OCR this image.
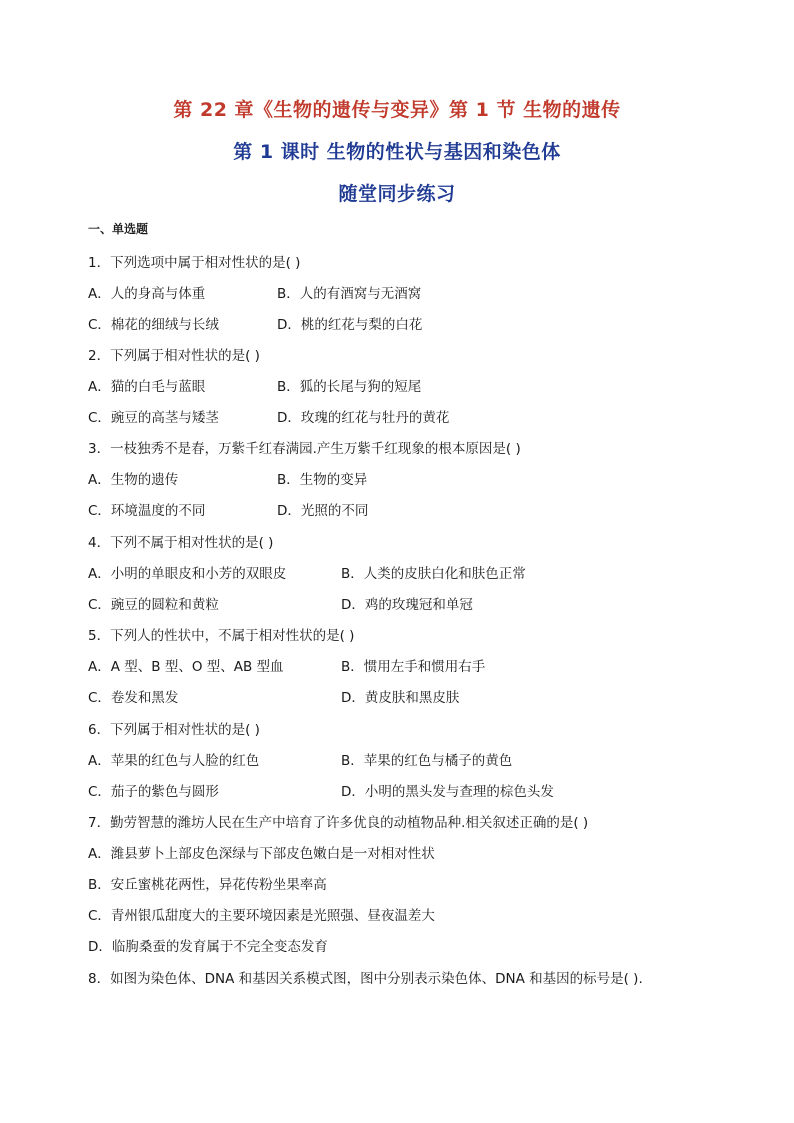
第 22 章《生物的遗传与变异》第 1 节 生物的遗传
第 1 课时 生物的性状与基因和染色体
随堂同步练习
一、单选题
1．下列选项中属于相对性状的是( )
A．人的身高与体重	B．人的有酒窝与无酒窝
C．棉花的细绒与长绒	D．桃的红花与梨的白花
2．下列属于相对性状的是( )
A．猫的白毛与蓝眼	B．狐的长尾与狗的短尾
C．豌豆的高茎与矮茎	D．玫瑰的红花与牡丹的黄花
3．一枝独秀不是春，万紫千红春满园.产生万紫千红现象的根本原因是( )
A．生物的遗传	B．生物的变异
C．环境温度的不同	D．光照的不同
4．下列不属于相对性状的是( )
A．小明的单眼皮和小芳的双眼皮	B．人类的皮肤白化和肤色正常
C．豌豆的圆粒和黄粒	D．鸡的玫瑰冠和单冠
5．下列人的性状中，不属于相对性状的是( )
A．A 型、B 型、O 型、AB 型血	B．惯用左手和惯用右手
C．卷发和黑发	D．黄皮肤和黑皮肤
6．下列属于相对性状的是( )
A．苹果的红色与人脸的红色	B．苹果的红色与橘子的黄色
C．茄子的紫色与圆形	D．小明的黑头发与查理的棕色头发
7．勤劳智慧的潍坊人民在生产中培育了许多优良的动植物品种.相关叙述正确的是( )
A．潍县萝卜上部皮色深绿与下部皮色嫩白是一对相对性状
B．安丘蜜桃花两性，异花传粉坐果率高
C．青州银瓜甜度大的主要环境因素是光照强、昼夜温差大
D．临朐桑蚕的发育属于不完全变态发育
8．如图为染色体、DNA 和基因关系模式图，图中分别表示染色体、DNA 和基因的标号是( ).
